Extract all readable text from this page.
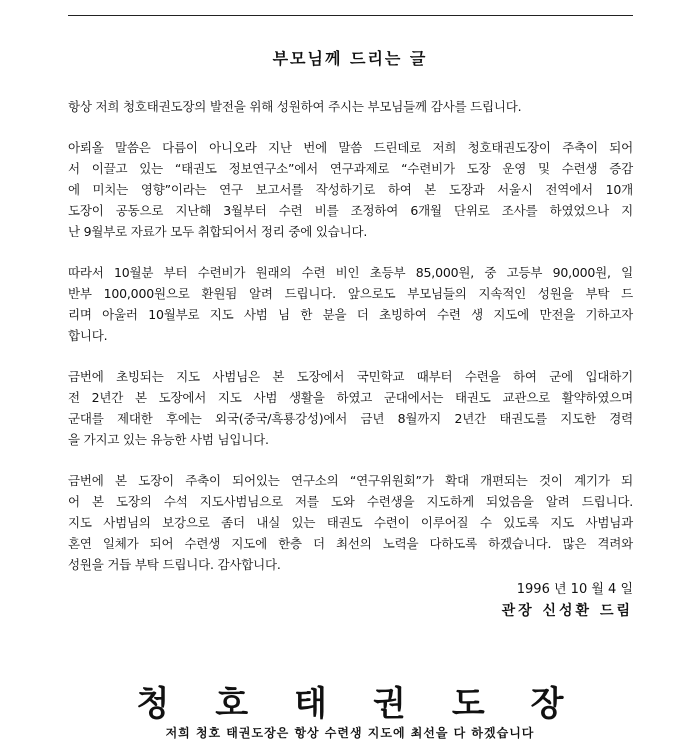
부모님께 드리는 글

항상 저희 청호태권도장의 발전을 위해 성원하여 주시는 부모님들께 감사를 드립니다.

아뢰올 말씀은 다름이 아니오라 지난 번에 말씀 드린데로 저희 청호태권도장이 주축이 되어
서 이끌고 있는 “태권도 정보연구소”에서 연구과제로 “수련비가 도장 운영 및 수련생 증감
에 미치는 영향”이라는 연구 보고서를 작성하기로 하여 본 도장과 서울시 전역에서 10개
도장이 공동으로 지난해 3월부터 수련 비를 조정하여 6개월 단위로 조사를 하였었으나 지
난 9월부로 자료가 모두 취합되어서 정리 중에 있습니다.

따라서 10월분 부터 수련비가 원래의 수련 비인 초등부 85,000원, 중 고등부 90,000원, 일
반부 100,000원으로 환원됨 알려 드립니다. 앞으로도 부모님들의 지속적인 성원을 부탁 드
리며 아울러 10월부로 지도 사범 님 한 분을 더 초빙하여 수련 생 지도에 만전을 기하고자
합니다.

금번에 초빙되는 지도 사범님은 본 도장에서 국민학교 때부터 수련을 하여 군에 입대하기
전 2년간 본 도장에서 지도 사범 생활을 하였고 군대에서는 태권도 교관으로 활약하였으며
군대를 제대한 후에는 외국(중국/흑룡강성)에서 금년 8월까지 2년간 태권도를 지도한 경력
을 가지고 있는 유능한 사범 님입니다.

금번에 본 도장이 주축이 되어있는 연구소의 “연구위원회”가 확대 개편되는 것이 계기가 되
어 본 도장의 수석 지도사범님으로 저를 도와 수련생을 지도하게 되었음을 알려 드립니다.
지도 사범님의 보강으로 좀더 내실 있는 태권도 수련이 이루어질 수 있도록 지도 사범님과
혼연 일체가 되어 수련생 지도에 한층 더 최선의 노력을 다하도록 하겠습니다. 많은 격려와
성원을 거듭 부탁 드립니다. 감사합니다.

1996 년 10 월 4 일
관장 신성환 드림
청호태권도장
저희 청호 태권도장은 항상 수련생 지도에 최선을 다 하겠습니다
